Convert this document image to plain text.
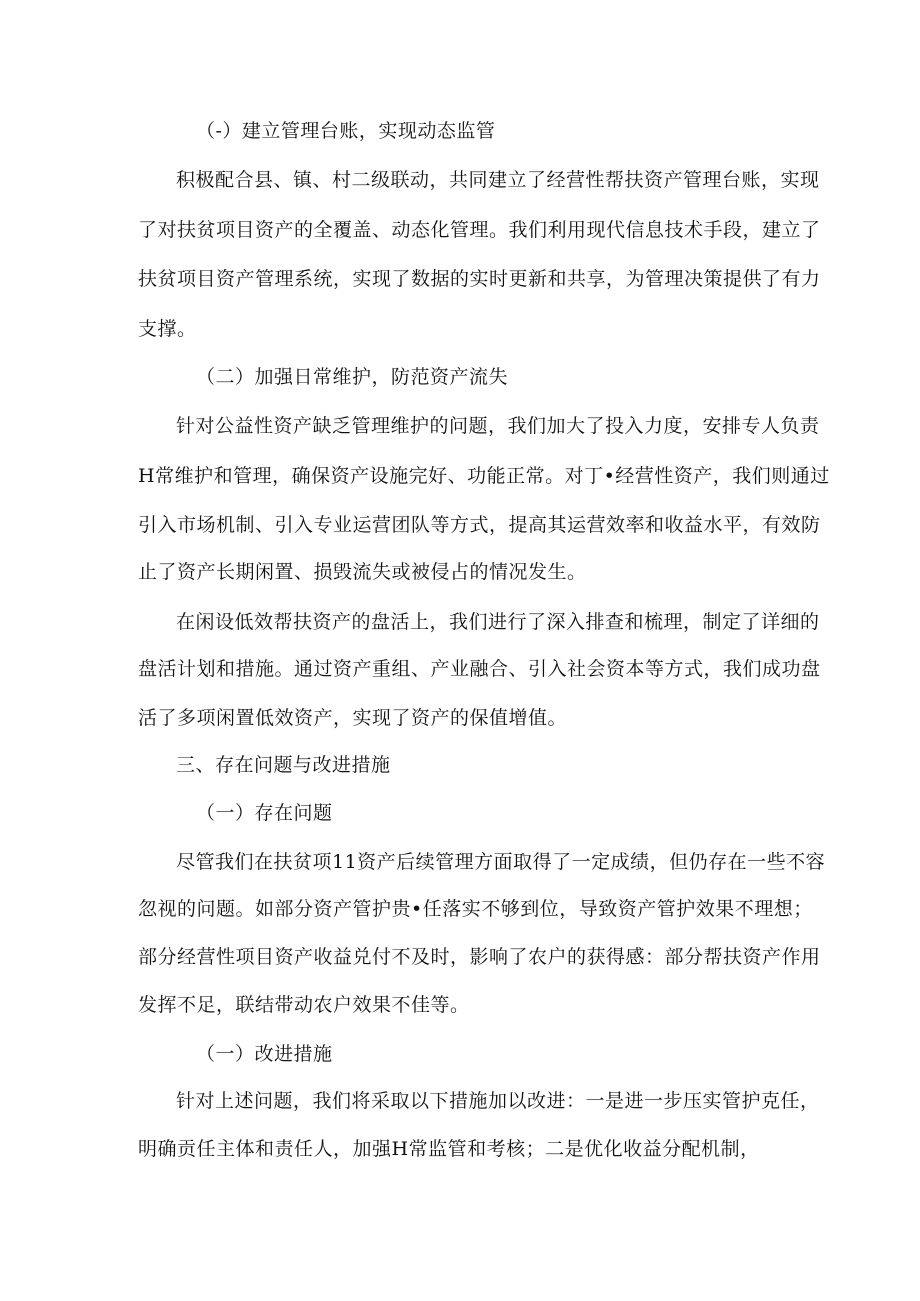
（-）建立管理台账，实现动态监管
积极配合县、镇、村二级联动，共同建立了经营性帮扶资产管理台账，实现
了对扶贫项目资产的全覆盖、动态化管理。我们利用现代信息技术手段，建立了
扶贫项目资产管理系统，实现了数据的实时更新和共享，为管理决策提供了有力
支撑。
（二）加强日常维护，防范资产流失
针对公益性资产缺乏管理维护的问题，我们加大了投入力度，安排专人负责
H常维护和管理，确保资产设施完好、功能正常。对丁•经营性资产，我们则通过
引入市场机制、引入专业运营团队等方式，提高其运营效率和收益水平，有效防
止了资产长期闲置、损毁流失或被侵占的情况发生。
在闲设低效帮扶资产的盘活上，我们进行了深入排查和梳理，制定了详细的
盘活计划和措施。通过资产重组、产业融合、引入社会资本等方式，我们成功盘
活了多项闲置低效资产，实现了资产的保值增值。
三、存在问题与改进措施
（一）存在问题
尽管我们在扶贫项11资产后续管理方面取得了一定成绩，但仍存在一些不容
忽视的问题。如部分资产管护贵•任落实不够到位，导致资产管护效果不理想；
部分经营性项目资产收益兑付不及时，影响了农户的获得感：部分帮扶资产作用
发挥不足，联结带动农户效果不佳等。
（一）改进措施
针对上述问题，我们将采取以下措施加以改进：一是进一步压实管护克任，
明确贡任主体和责任人，加强H常监管和考核；二是优化收益分配机制，
